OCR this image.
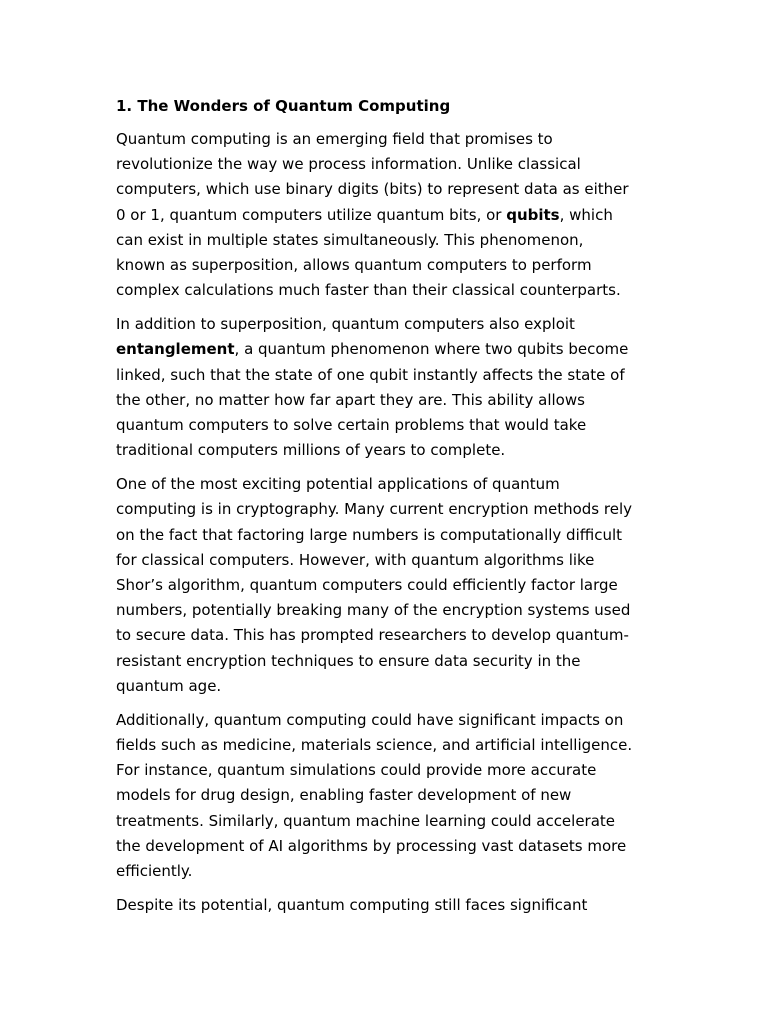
1. The Wonders of Quantum Computing

Quantum computing is an emerging field that promises to
revolutionize the way we process information. Unlike classical
computers, which use binary digits (bits) to represent data as either
0 or 1, quantum computers utilize quantum bits, or qubits, which
can exist in multiple states simultaneously. This phenomenon,
known as superposition, allows quantum computers to perform
complex calculations much faster than their classical counterparts.

In addition to superposition, quantum computers also exploit
entanglement, a quantum phenomenon where two qubits become
linked, such that the state of one qubit instantly affects the state of
the other, no matter how far apart they are. This ability allows
quantum computers to solve certain problems that would take
traditional computers millions of years to complete.

One of the most exciting potential applications of quantum
computing is in cryptography. Many current encryption methods rely
on the fact that factoring large numbers is computationally difficult
for classical computers. However, with quantum algorithms like
Shor’s algorithm, quantum computers could efficiently factor large
numbers, potentially breaking many of the encryption systems used
to secure data. This has prompted researchers to develop quantum-
resistant encryption techniques to ensure data security in the
quantum age.

Additionally, quantum computing could have significant impacts on
fields such as medicine, materials science, and artificial intelligence.
For instance, quantum simulations could provide more accurate
models for drug design, enabling faster development of new
treatments. Similarly, quantum machine learning could accelerate
the development of AI algorithms by processing vast datasets more
efficiently.

Despite its potential, quantum computing still faces significant
